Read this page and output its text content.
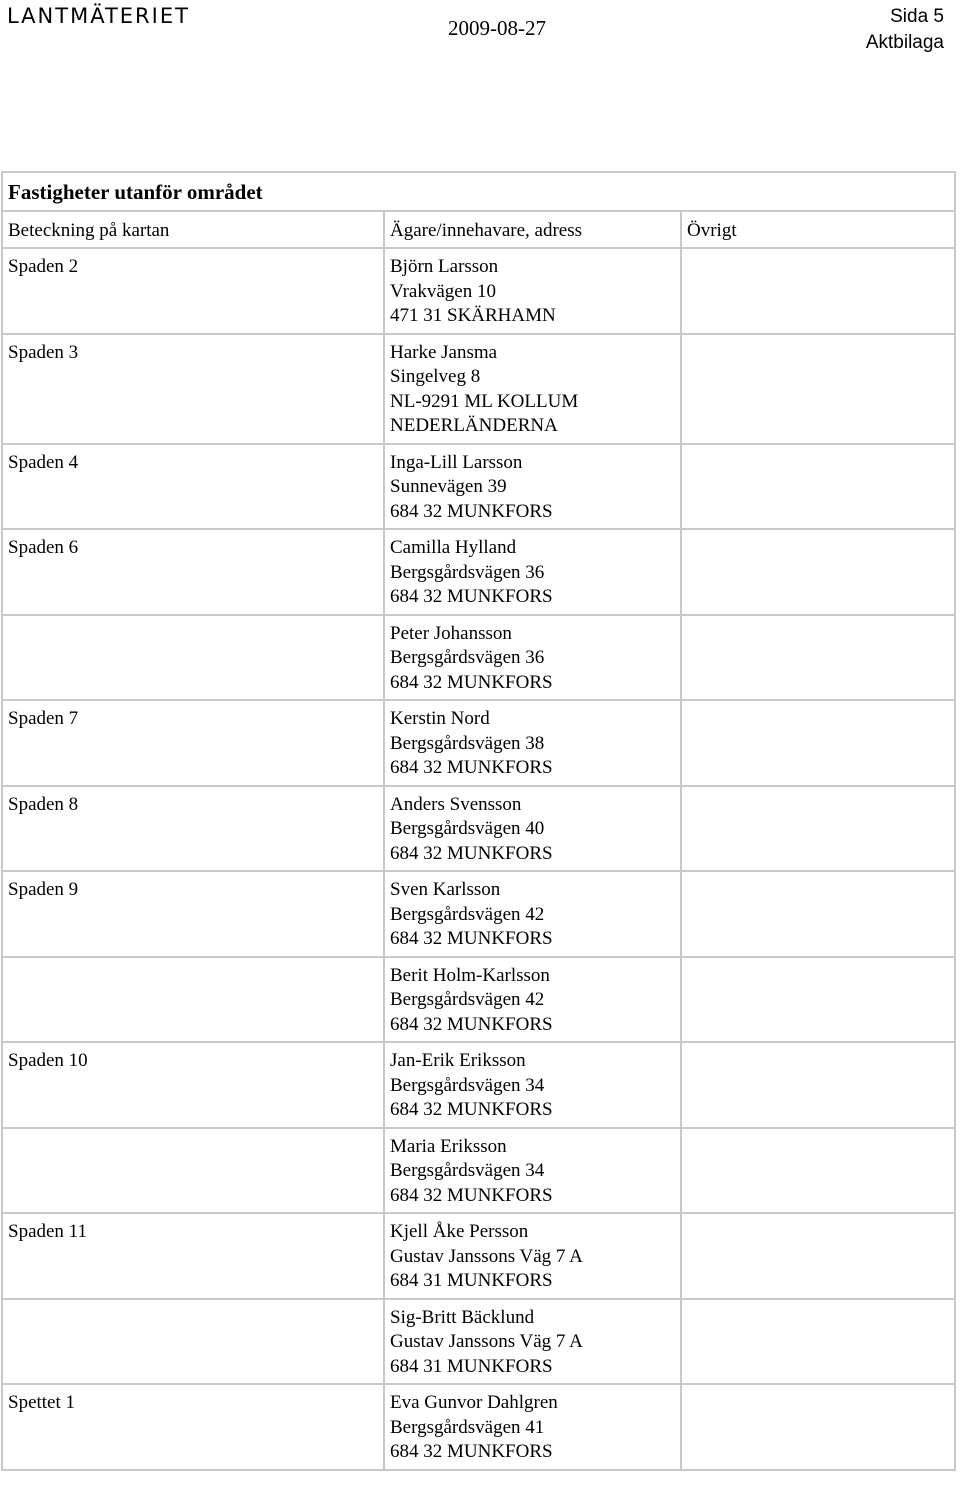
LANTMÄTERIET	2009-08-27	Sida 5
Aktbilaga
Fastigheter utanför området		
Beteckning på kartan	Ägare/innehavare, adress	Övrigt
Spaden 2	Björn Larsson
Vrakvägen 10
471 31 SKÄRHAMN	

Spaden 3	Harke Jansma
Singelveg 8
NL-9291 ML KOLLUM
NEDERLÄNDERNA	

Spaden 4	Inga-Lill Larsson
Sunnevägen 39
684 32 MUNKFORS	

Spaden 6	Camilla Hylland
Bergsgårdsvägen 36
684 32 MUNKFORS	

	Peter Johansson
Bergsgårdsvägen 36
684 32 MUNKFORS	

Spaden 7	Kerstin Nord
Bergsgårdsvägen 38
684 32 MUNKFORS	

Spaden 8	Anders Svensson
Bergsgårdsvägen 40
684 32 MUNKFORS	

Spaden 9	Sven Karlsson
Bergsgårdsvägen 42
684 32 MUNKFORS	

	Berit Holm-Karlsson
Bergsgårdsvägen 42
684 32 MUNKFORS	

Spaden 10	Jan-Erik Eriksson
Bergsgårdsvägen 34
684 32 MUNKFORS	

	Maria Eriksson
Bergsgårdsvägen 34
684 32 MUNKFORS	

Spaden 11	Kjell Åke Persson
Gustav Janssons Väg 7 A
684 31 MUNKFORS	

	Sig-Britt Bäcklund
Gustav Janssons Väg 7 A
684 31 MUNKFORS	

Spettet 1	Eva Gunvor Dahlgren
Bergsgårdsvägen 41
684 32 MUNKFORS	
